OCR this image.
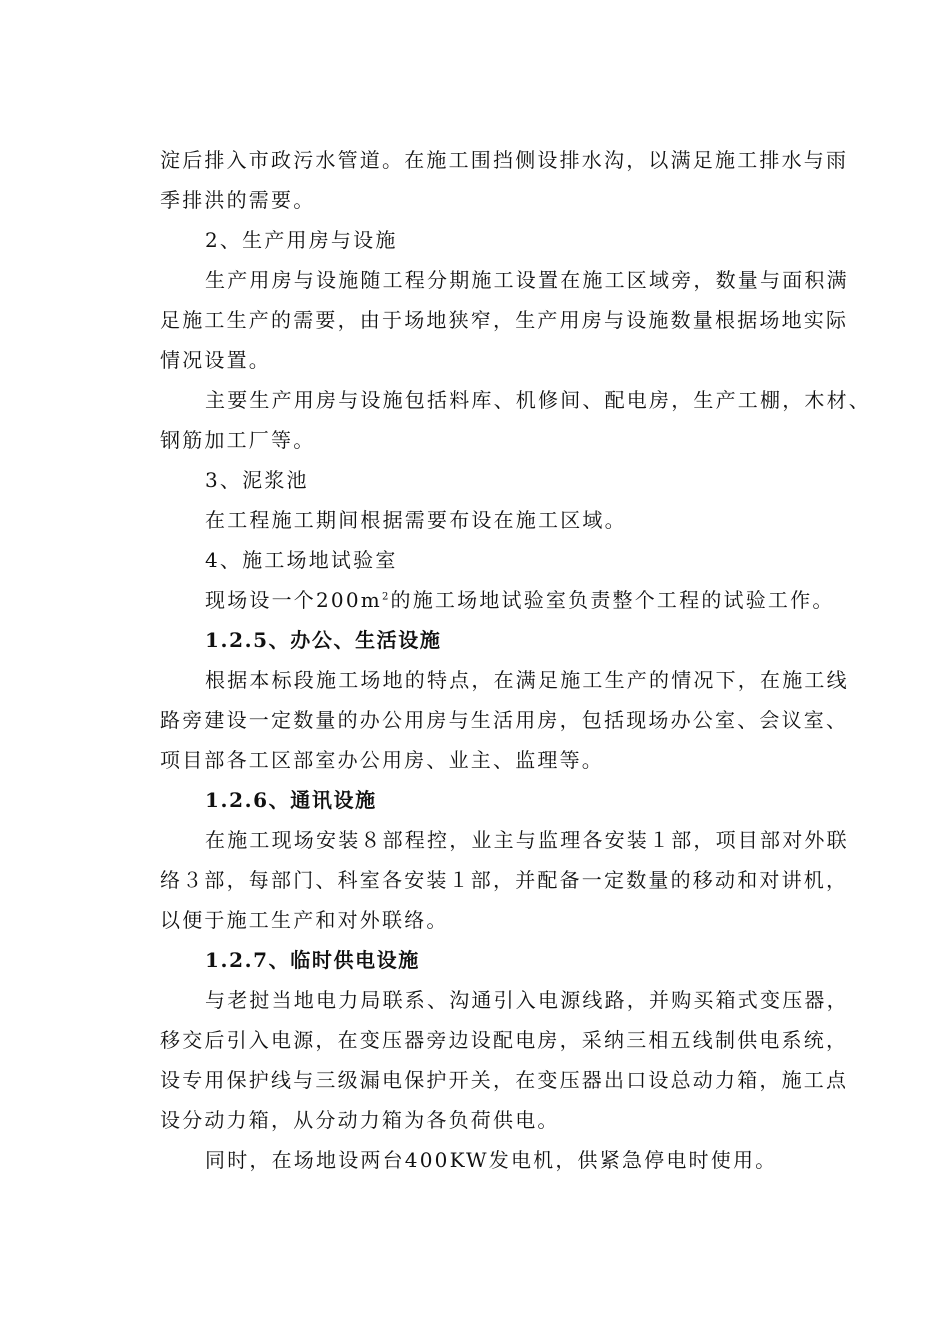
淀后排入市政污水管道。在施工围挡侧设排水沟，以满足施工排水与雨
季排洪的需要。
2、生产用房与设施
生产用房与设施随工程分期施工设置在施工区域旁，数量与面积满
足施工生产的需要，由于场地狭窄，生产用房与设施数量根据场地实际
情况设置。
主要生产用房与设施包括料库、机修间、配电房，生产工棚，木材、
钢筋加工厂等。
3、泥浆池
在工程施工期间根据需要布设在施工区域。
4、施工场地试验室
现场设一个$200m^2$的施工场地试验室负责整个工程的试验工作。
1.2.5、办公、生活设施
根据本标段施工场地的特点，在满足施工生产的情况下，在施工线
路旁建设一定数量的办公用房与生活用房，包括现场办公室、会议室、
项目部各工区部室办公用房、业主、监理等。
1.2.6、通讯设施
在施工现场安装８部程控，业主与监理各安装１部，项目部对外联
络３部，每部门、科室各安装１部，并配备一定数量的移动和对讲机，
以便于施工生产和对外联络。
1.2.7、临时供电设施
与老挝当地电力局联系、沟通引入电源线路，并购买箱式变压器，
移交后引入电源，在变压器旁边设配电房，采纳三相五线制供电系统，
设专用保护线与三级漏电保护开关，在变压器出口设总动力箱，施工点
设分动力箱，从分动力箱为各负荷供电。
同时，在场地设两台400KW发电机，供紧急停电时使用。
